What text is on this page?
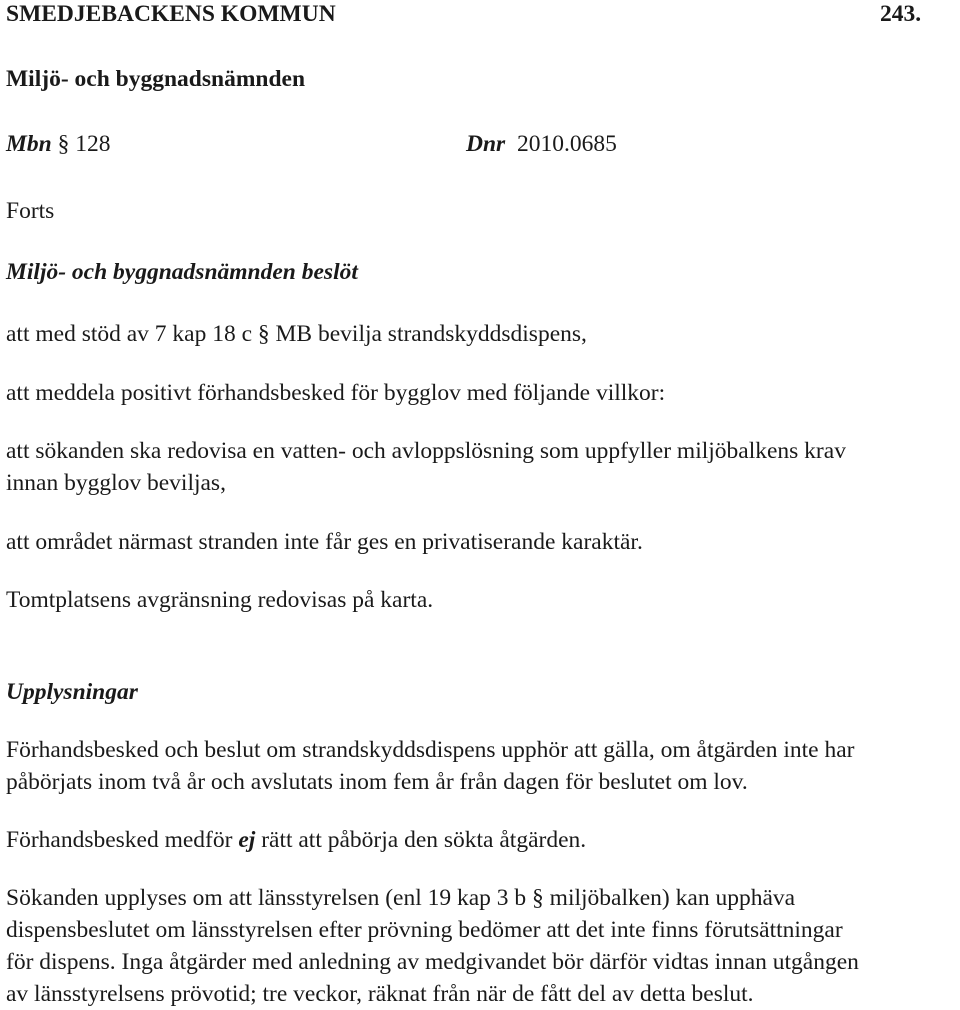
SMEDJEBACKENS KOMMUN	243.
Miljö- och byggnadsnämnden
Mbn § 128	Dnr 2010.0685
Forts
Miljö- och byggnadsnämnden beslöt
att med stöd av 7 kap 18 c § MB bevilja strandskyddsdispens,
att meddela positivt förhandsbesked för bygglov med följande villkor:
att sökanden ska redovisa en vatten- och avloppslösning som uppfyller miljöbalkens krav
innan bygglov beviljas,
att området närmast stranden inte får ges en privatiserande karaktär.
Tomtplatsens avgränsning redovisas på karta.
Upplysningar
Förhandsbesked och beslut om strandskyddsdispens upphör att gälla, om åtgärden inte har
påbörjats inom två år och avslutats inom fem år från dagen för beslutet om lov.
Förhandsbesked medför ej rätt att påbörja den sökta åtgärden.
Sökanden upplyses om att länsstyrelsen (enl 19 kap 3 b § miljöbalken) kan upphäva
dispensbeslutet om länsstyrelsen efter prövning bedömer att det inte finns förutsättningar
för dispens. Inga åtgärder med anledning av medgivandet bör därför vidtas innan utgången
av länsstyrelsens prövotid; tre veckor, räknat från när de fått del av detta beslut.
